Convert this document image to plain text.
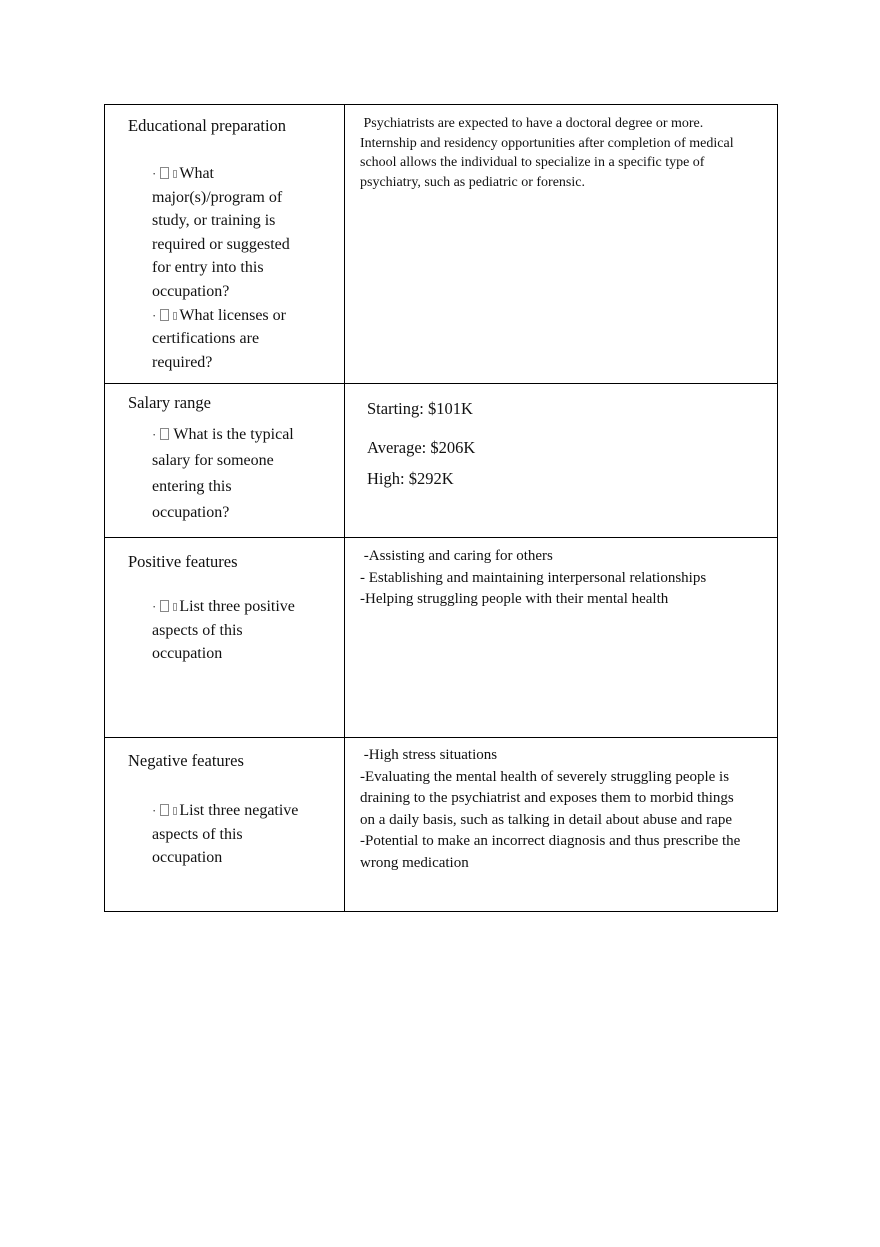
Educational preparation
· What
major(s)/program of
study, or training is
required or suggested
for entry into this
occupation?
· What licenses or
certifications are
required?
Psychiatrists are expected to have a doctoral degree or more.
Internship and residency opportunities after completion of medical
school allows the individual to specialize in a specific type of
psychiatry, such as pediatric or forensic.
Salary range
· What is the typical
salary for someone
entering this
occupation?
Starting: $101K
Average: $206K
High: $292K
Positive features
· List three positive
aspects of this
occupation
-Assisting and caring for others
- Establishing and maintaining interpersonal relationships
-Helping struggling people with their mental health
Negative features
· List three negative
aspects of this
occupation
-High stress situations
-Evaluating the mental health of severely struggling people is
draining to the psychiatrist and exposes them to morbid things
on a daily basis, such as talking in detail about abuse and rape
-Potential to make an incorrect diagnosis and thus prescribe the
wrong medication
